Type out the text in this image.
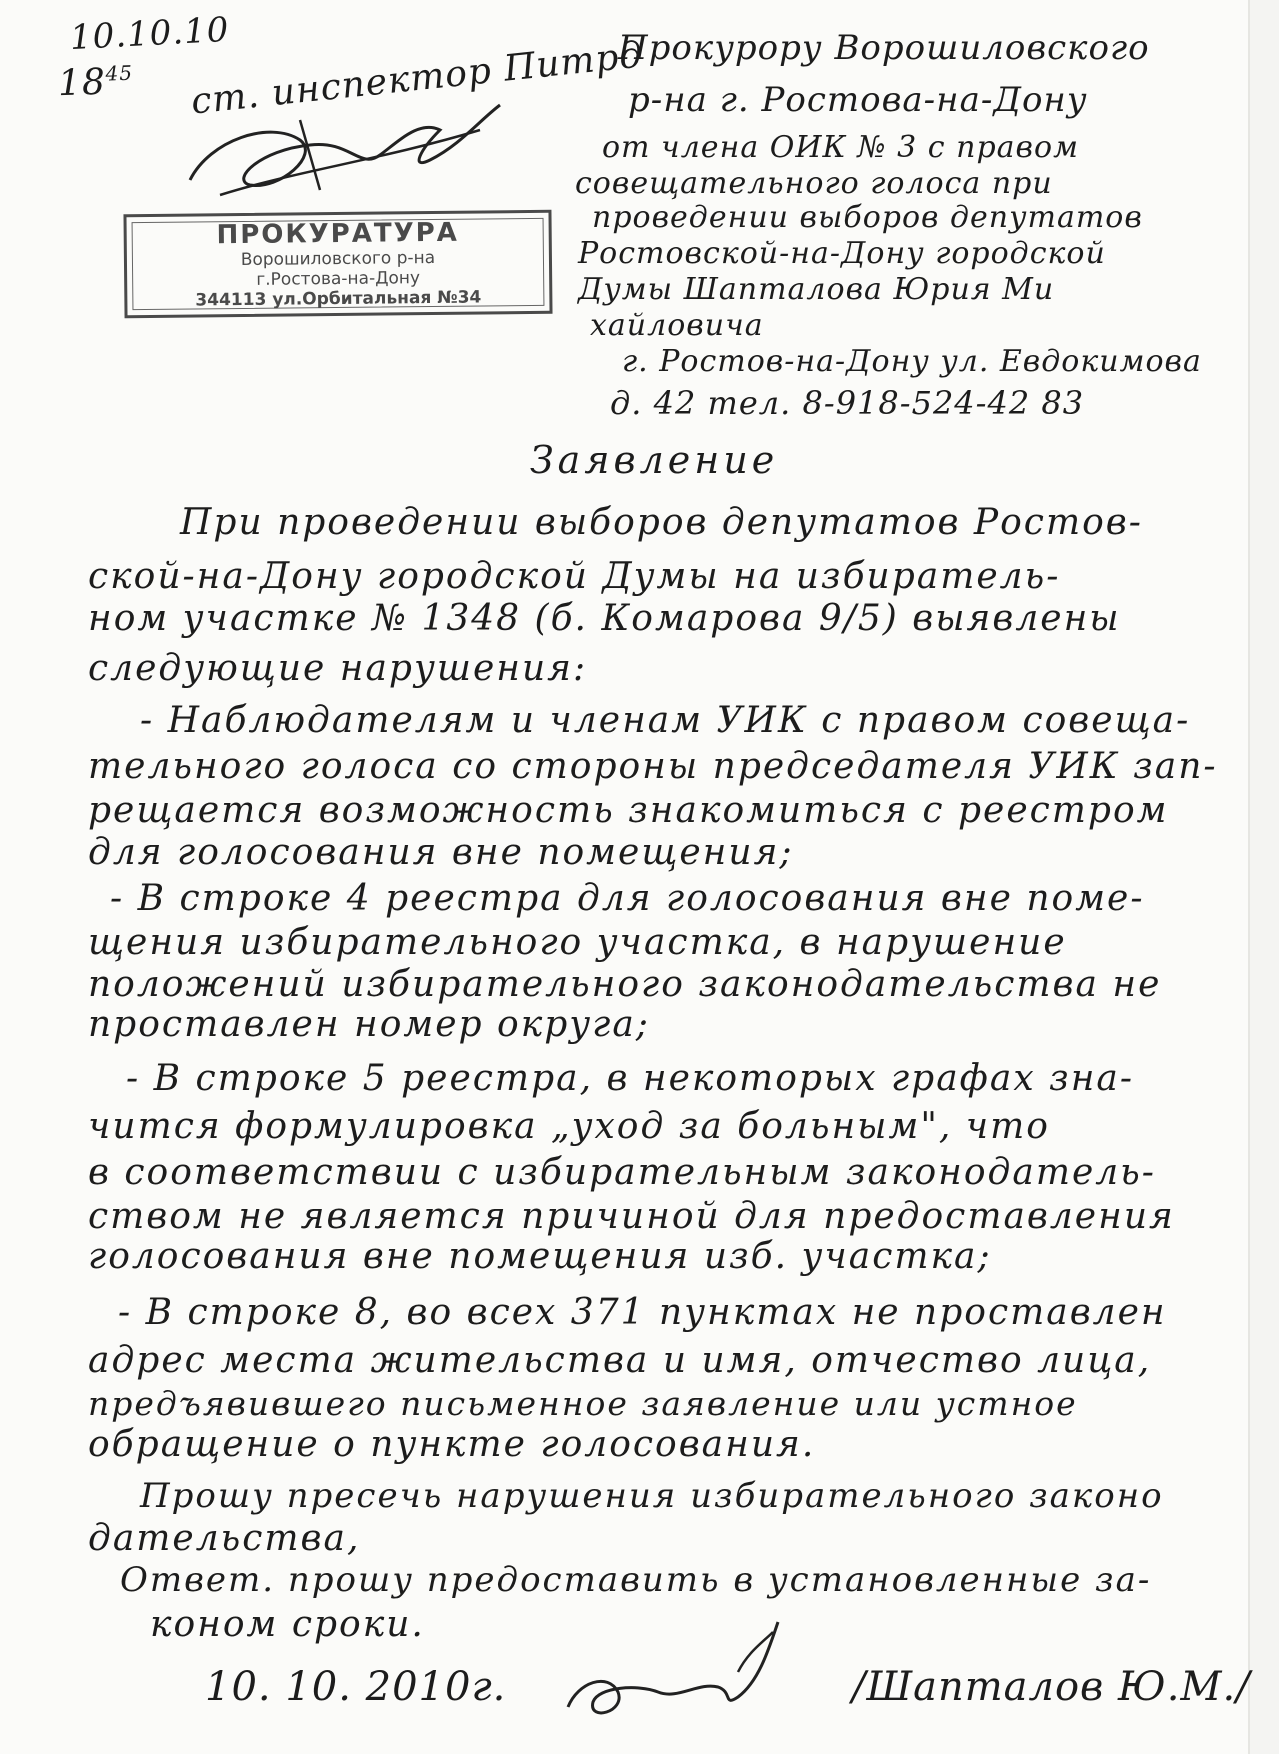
10.10.10
$18^{45}$ ст. инспектор Питрд
ПРОКУРАТУРА
Ворошиловского р-на
г.Ростова-на-Дону
344113 ул.Орбитальная №34
Прокурору Ворошиловского
р-на г. Ростова-на-Дону
от члена ОИК № 3 с правом
совещательного голоса при
проведении выборов депутатов
Ростовской-на-Дону городской
Думы Шапталова Юрия Ми
хайловича
г. Ростов-на-Дону ул. Евдокимова
д. 42 тел. 8-918-524-42 83
Заявление
При проведении выборов депутатов Ростов-
ской-на-Дону городской Думы на избиратель-
ном участке № 1348 (б. Комарова 9/5) выявлены
следующие нарушения:
- Наблюдателям и членам УИК с правом совеща-
тельного голоса со стороны председателя УИК зап-
рещается возможность знакомиться с реестром
для голосования вне помещения;
- В строке 4 реестра для голосования вне поме-
щения избирательного участка, в нарушение
положений избирательного законодательства не
проставлен номер округа;
- В строке 5 реестра, в некоторых графах зна-
чится формулировка „уход за больным", что
в соответствии с избирательным законодатель-
ством не является причиной для предоставления
голосования вне помещения изб. участка;
- В строке 8, во всех 371 пунктах не проставлен
адрес места жительства и имя, отчество лица,
предъявившего письменное заявление или устное
обращение о пункте голосования.
Прошу пресечь нарушения избирательного законо
дательства,
Ответ. прошу предоставить в установленные за-
коном сроки.
10. 10. 2010г.	/Шапталов Ю.М./
